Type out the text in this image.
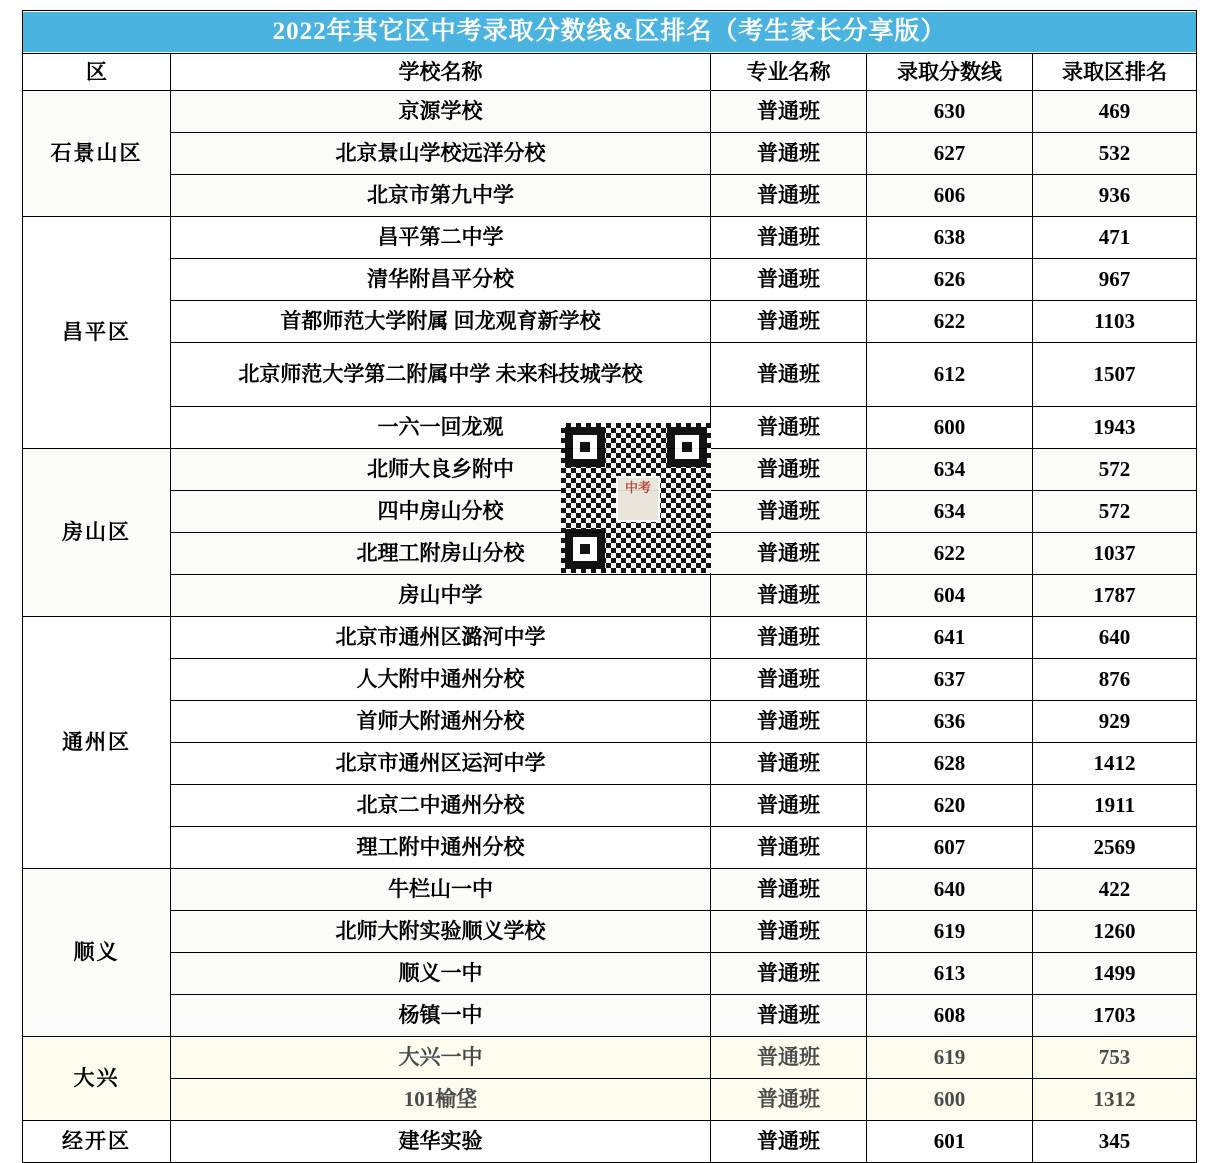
2022年其它区中考录取分数线&区排名（考生家长分享版）				

区	学校名称	专业名称	录取分数线	录取区排名
石景山区	京源学校	普通班	630	469
	北京景山学校远洋分校	普通班	627	532
	北京市第九中学	普通班	606	936
昌平区	昌平第二中学	普通班	638	471
	清华附昌平分校	普通班	626	967
	首都师范大学附属 回龙观育新学校	普通班	622	1103
	北京师范大学第二附属中学 未来科技城学校	普通班	612	1507
	一六一回龙观	普通班	600	1943
房山区	北师大良乡附中	普通班	634	572
	四中房山分校	普通班	634	572
	北理工附房山分校	普通班	622	1037
	房山中学	普通班	604	1787
通州区	北京市通州区潞河中学	普通班	641	640
	人大附中通州分校	普通班	637	876
	首师大附通州分校	普通班	636	929
	北京市通州区运河中学	普通班	628	1412
	北京二中通州分校	普通班	620	1911
	理工附中通州分校	普通班	607	2569
顺义	牛栏山一中	普通班	640	422
	北师大附实验顺义学校	普通班	619	1260
	顺义一中	普通班	613	1499
	杨镇一中	普通班	608	1703
大兴	大兴一中	普通班	619	753
	101榆垡	普通班	600	1312
经开区	建华实验	普通班	601	345
中考
